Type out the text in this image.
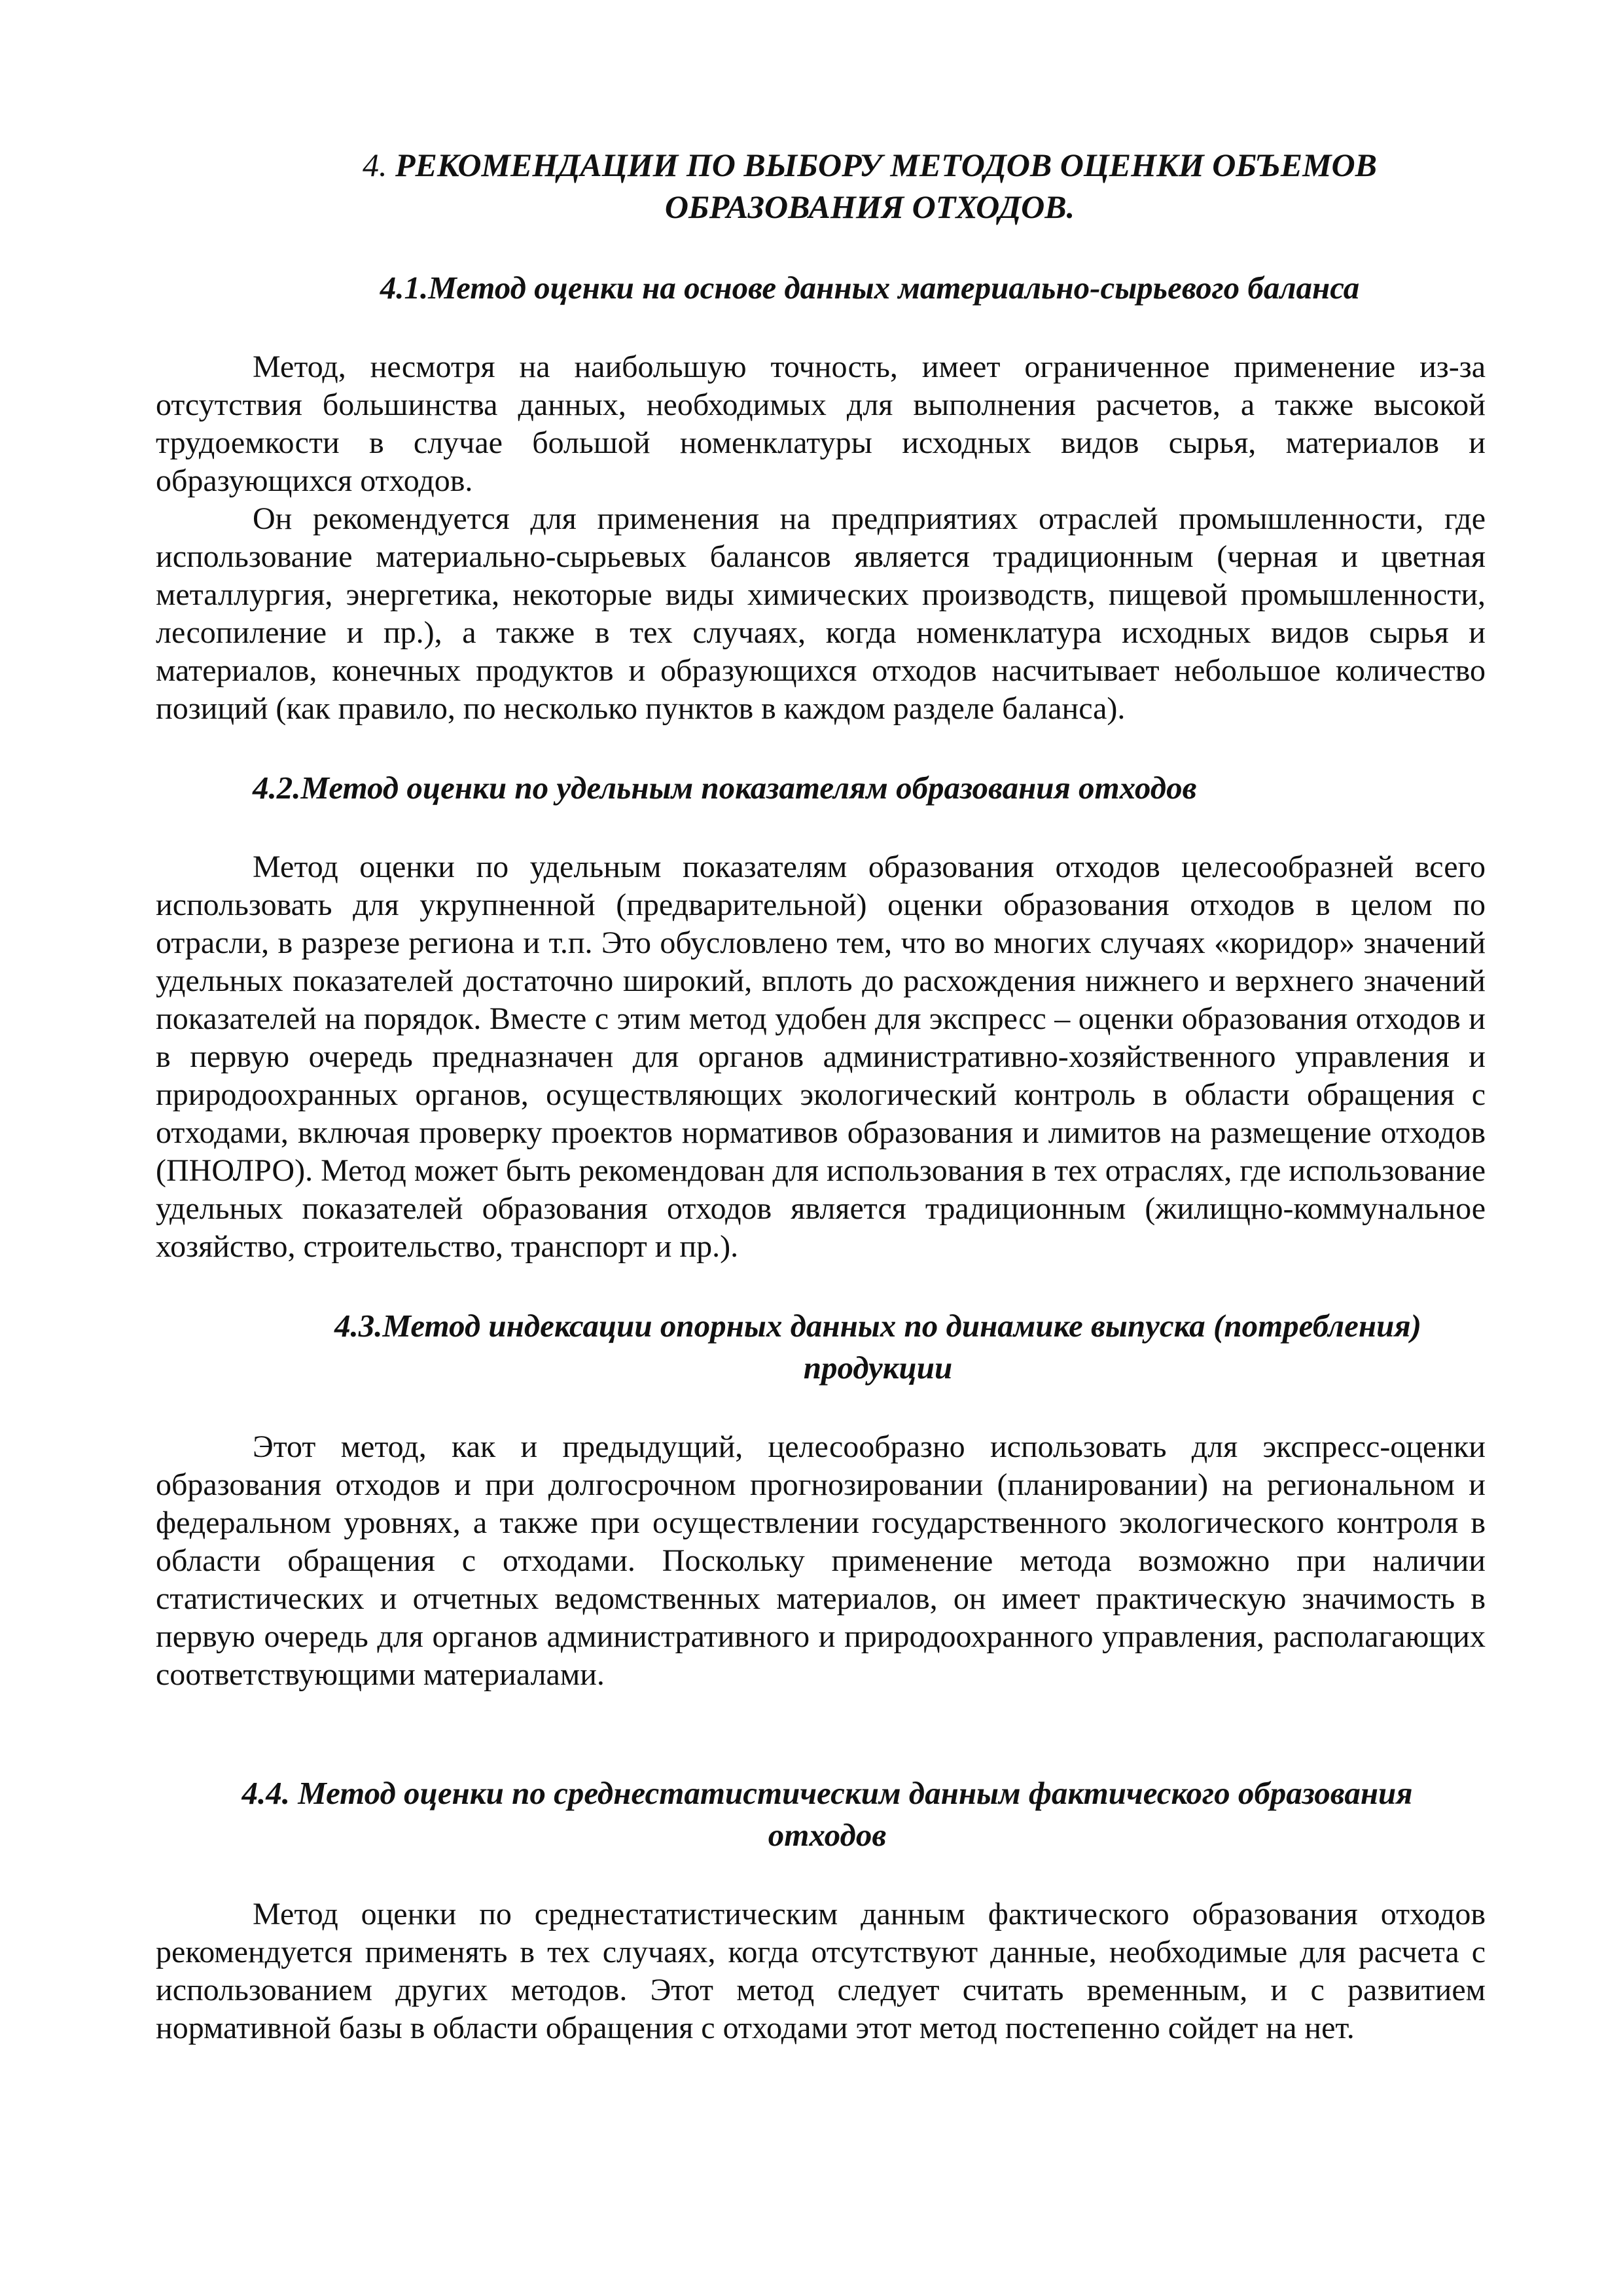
4. РЕКОМЕНДАЦИИ ПО ВЫБОРУ МЕТОДОВ ОЦЕНКИ ОБЪЕМОВ
ОБРАЗОВАНИЯ ОТХОДОВ.
4.1.Метод оценки на основе данных материально-сырьевого баланса

Метод, несмотря на наибольшую точность, имеет ограниченное применение из-за отсутствия большинства данных, необходимых для выполнения расчетов, а также высокой трудоемкости в случае большой номенклатуры исходных видов сырья, материалов и образующихся отходов.

Он рекомендуется для применения на предприятиях отраслей промышленности, где использование материально-сырьевых балансов является традиционным (черная и цветная металлургия, энергетика, некоторые виды химических производств, пищевой промышленности, лесопиление и пр.), а также в тех случаях, когда номенклатура исходных видов сырья и материалов, конечных продуктов и образующихся отходов насчитывает небольшое количество позиций (как правило, по несколько пунктов в каждом разделе баланса).

4.2.Метод оценки по удельным показателям образования отходов

Метод оценки по удельным показателям образования отходов целесообразней всего использовать для укрупненной (предварительной) оценки образования отходов в целом по отрасли, в разрезе региона и т.п. Это обусловлено тем, что во многих случаях «коридор» значений удельных показателей достаточно широкий, вплоть до расхождения нижнего и верхнего значений показателей на порядок. Вместе с этим метод удобен для экспресс – оценки образования отходов и в первую очередь предназначен для органов административно-хозяйственного управления и природоохранных органов, осуществляющих экологический контроль в области обращения с отходами, включая проверку проектов нормативов образования и лимитов на размещение отходов (ПНОЛРО). Метод может быть рекомендован для использования в тех отраслях, где использование удельных показателей образования отходов является традиционным (жилищно-коммунальное хозяйство, строительство, транспорт и пр.).

4.3.Метод индексации опорных данных по динамике выпуска (потребления)
продукции

Этот метод, как и предыдущий, целесообразно использовать для экспресс-оценки образования отходов и при долгосрочном прогнозировании (планировании) на региональном и федеральном уровнях, а также при осуществлении государственного экологического контроля в области обращения с отходами. Поскольку применение метода возможно при наличии статистических и отчетных ведомственных материалов, он имеет практическую значимость в первую очередь для органов административного и природоохранного управления, располагающих соответствующими материалами.

4.4. Метод оценки по среднестатистическим данным фактического образования
отходов

Метод оценки по среднестатистическим данным фактического образования отходов рекомендуется применять в тех случаях, когда отсутствуют данные, необходимые для расчета с использованием других методов. Этот метод следует считать временным, и с развитием нормативной базы в области обращения с отходами этот метод постепенно сойдет на нет.
